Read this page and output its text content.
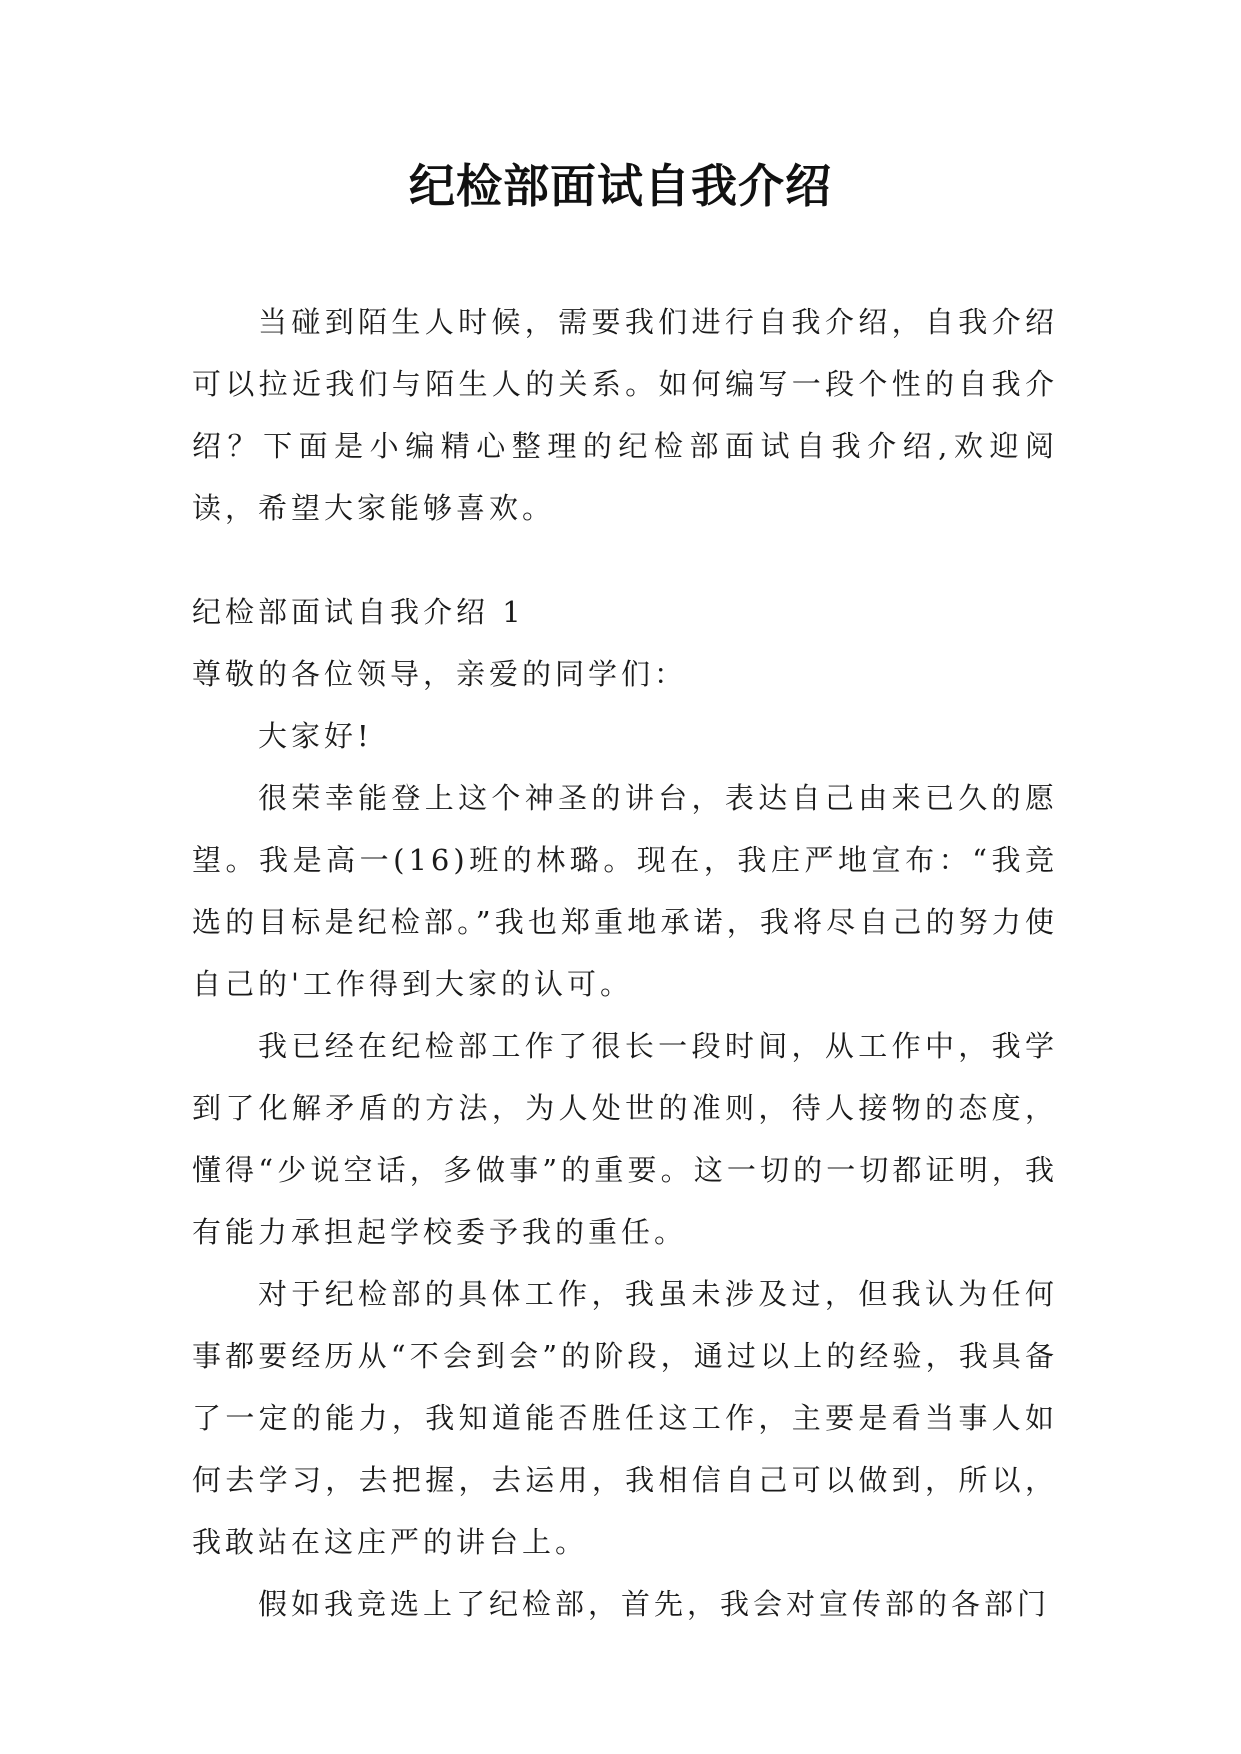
纪检部面试自我介绍

当碰到陌生人时候，需要我们进行自我介绍，自我介绍可以拉近我们与陌生人的关系。如何编写一段个性的自我介绍？下面是小编精心整理的纪检部面试自我介绍,欢迎阅读，希望大家能够喜欢。

纪检部面试自我介绍 1

尊敬的各位领导，亲爱的同学们：

大家好!

很荣幸能登上这个神圣的讲台，表达自己由来已久的愿望。我是高一(16)班的林璐。现在，我庄严地宣布：“我竞选的目标是纪检部。”我也郑重地承诺，我将尽自己的努力使自己的'工作得到大家的认可。

我已经在纪检部工作了很长一段时间，从工作中，我学到了化解矛盾的方法，为人处世的准则，待人接物的态度，懂得“少说空话，多做事”的重要。这一切的一切都证明，我有能力承担起学校委予我的重任。

对于纪检部的具体工作，我虽未涉及过，但我认为任何事都要经历从“不会到会”的阶段，通过以上的经验，我具备了一定的能力，我知道能否胜任这工作，主要是看当事人如何去学习，去把握，去运用，我相信自己可以做到，所以，我敢站在这庄严的讲台上。

假如我竞选上了纪检部，首先，我会对宣传部的各部门
